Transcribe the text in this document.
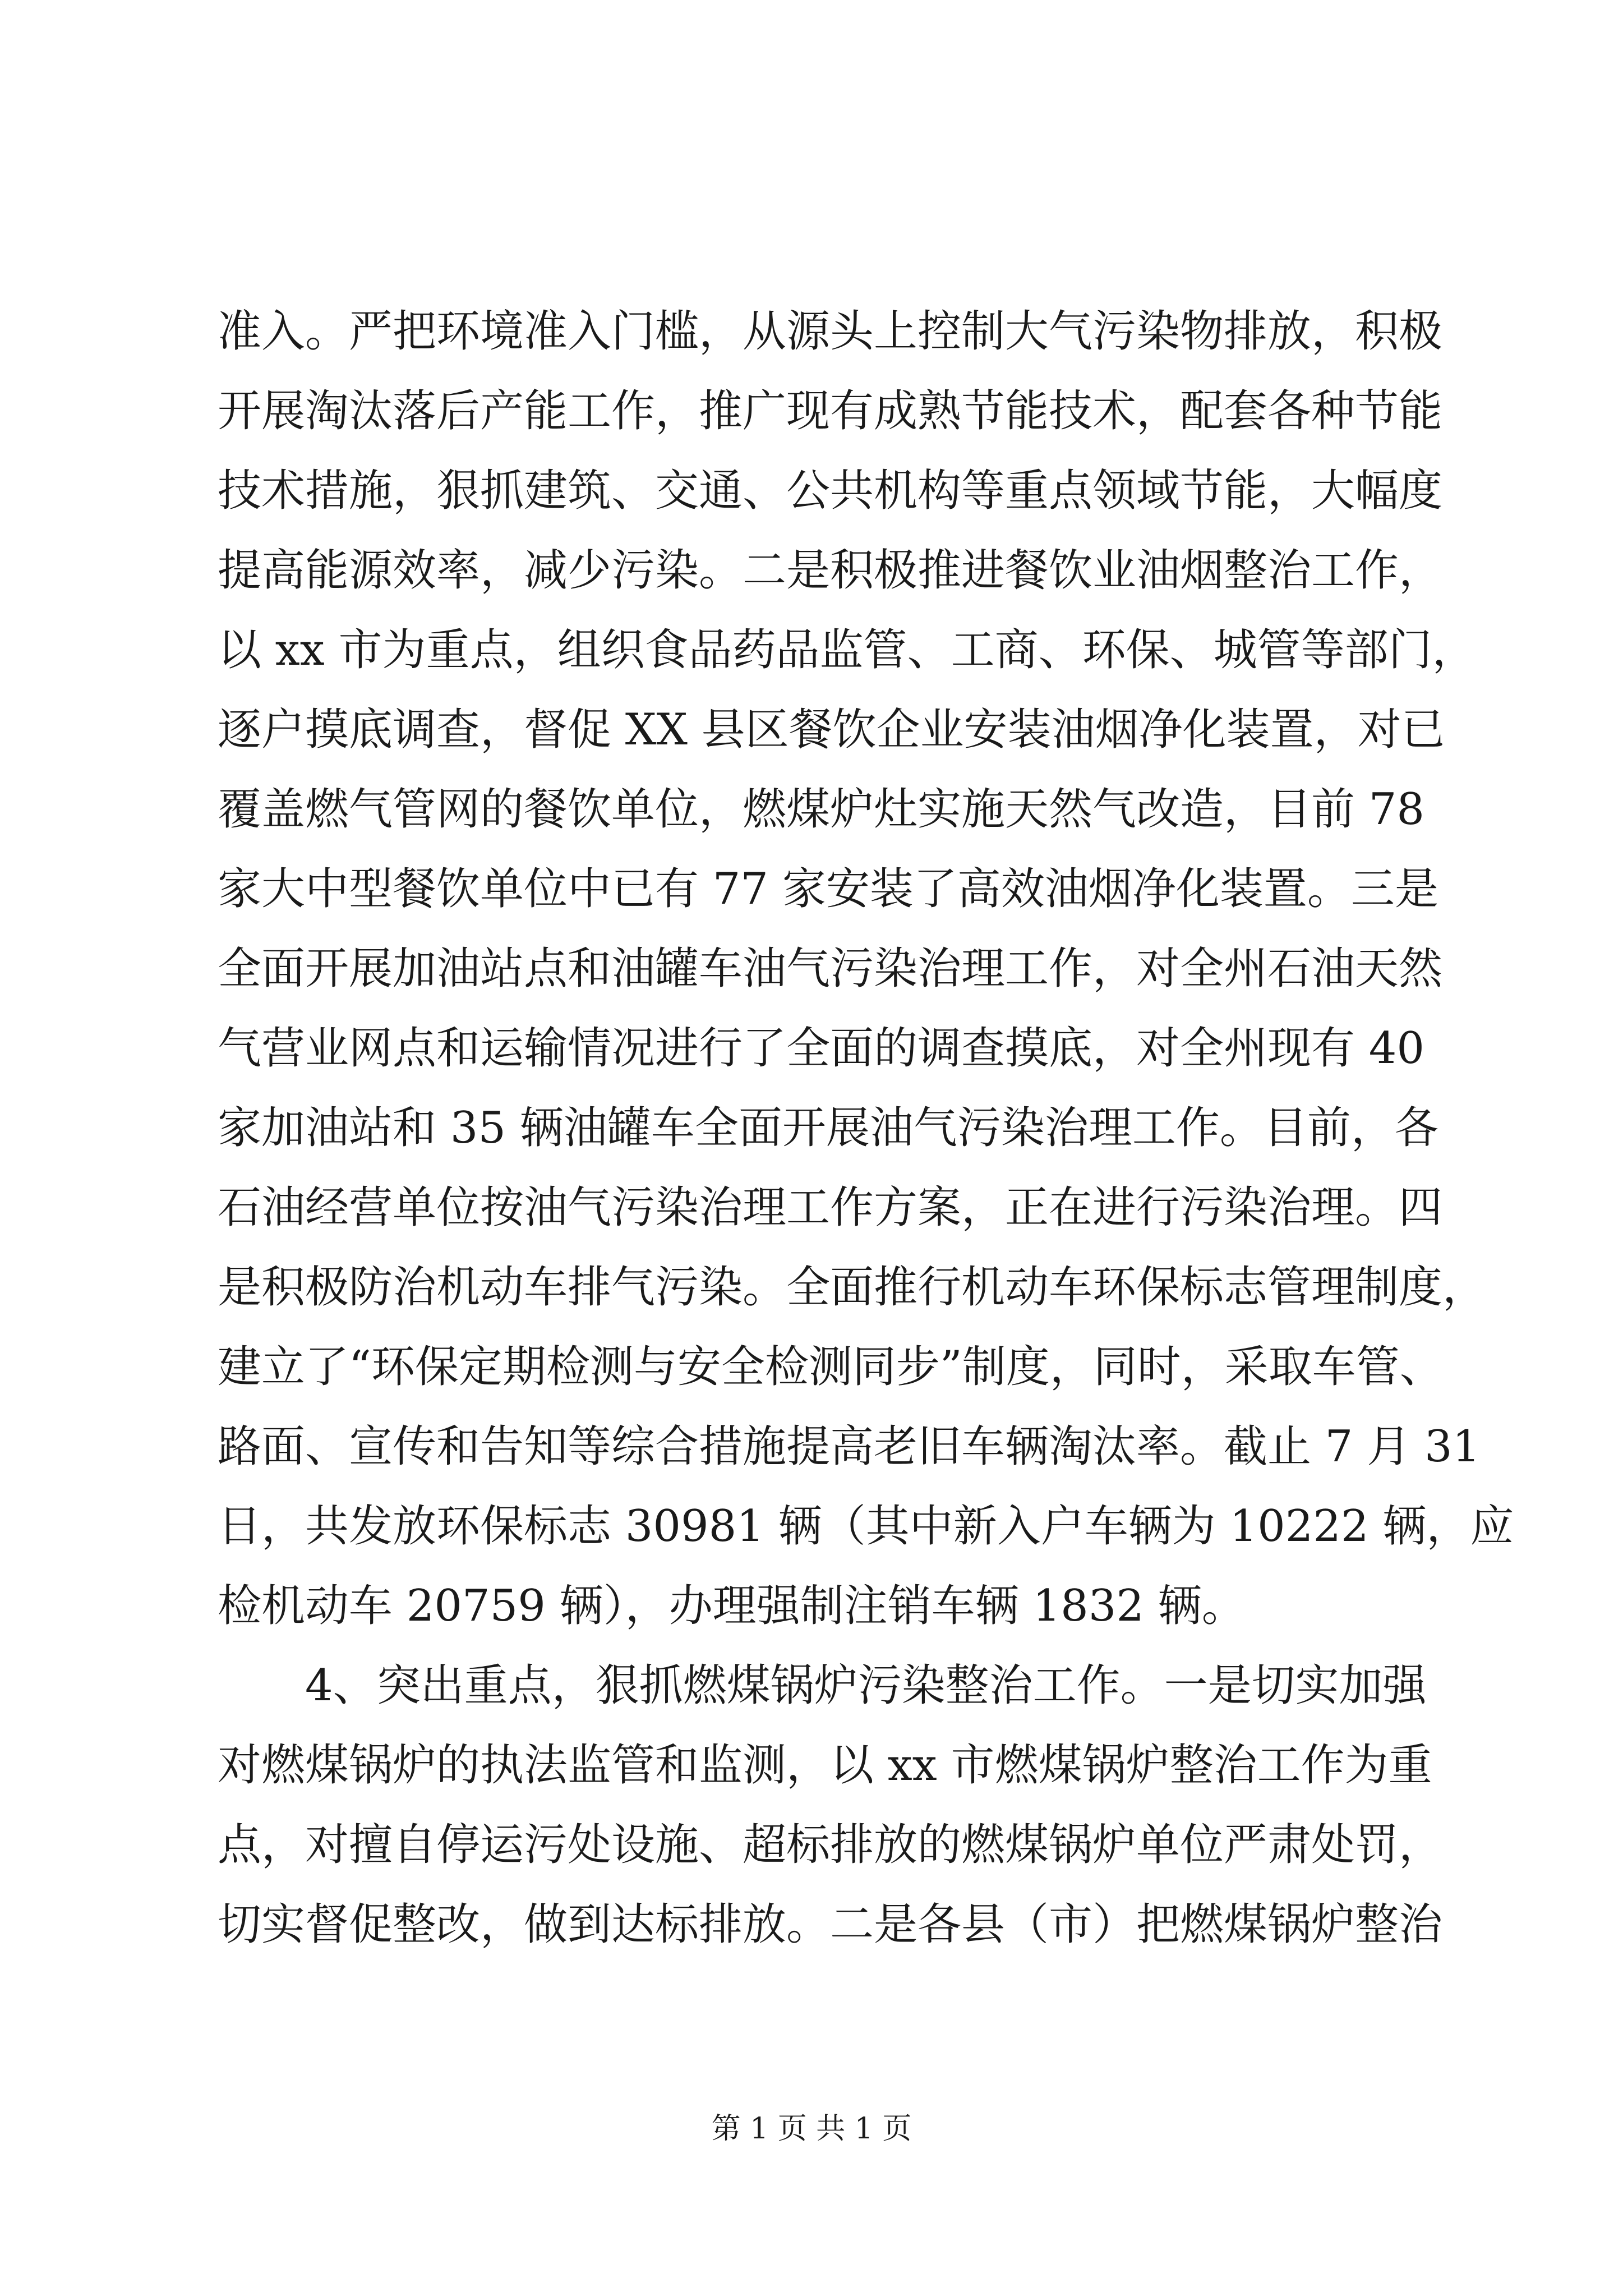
准入。严把环境准入门槛，从源头上控制大气污染物排放，积极
开展淘汰落后产能工作，推广现有成熟节能技术，配套各种节能
技术措施，狠抓建筑、交通、公共机构等重点领域节能，大幅度
提高能源效率，减少污染。二是积极推进餐饮业油烟整治工作，
以 xx 市为重点，组织食品药品监管、工商、环保、城管等部门，
逐户摸底调查，督促 XX 县区餐饮企业安装油烟净化装置，对已
覆盖燃气管网的餐饮单位，燃煤炉灶实施天然气改造，目前 78
家大中型餐饮单位中已有 77 家安装了高效油烟净化装置。三是
全面开展加油站点和油罐车油气污染治理工作，对全州石油天然
气营业网点和运输情况进行了全面的调查摸底，对全州现有 40
家加油站和 35 辆油罐车全面开展油气污染治理工作。目前，各
石油经营单位按油气污染治理工作方案，正在进行污染治理。四
是积极防治机动车排气污染。全面推行机动车环保标志管理制度，
建立了“环保定期检测与安全检测同步”制度，同时，采取车管、
路面、宣传和告知等综合措施提高老旧车辆淘汰率。截止 7 月 31
日，共发放环保标志 30981 辆（其中新入户车辆为 10222 辆，应
检机动车 20759 辆），办理强制注销车辆 1832 辆。
4、突出重点，狠抓燃煤锅炉污染整治工作。一是切实加强
对燃煤锅炉的执法监管和监测，以 xx 市燃煤锅炉整治工作为重
点，对擅自停运污处设施、超标排放的燃煤锅炉单位严肃处罚，
切实督促整改，做到达标排放。二是各县（市）把燃煤锅炉整治
第 1 页 共 1 页
